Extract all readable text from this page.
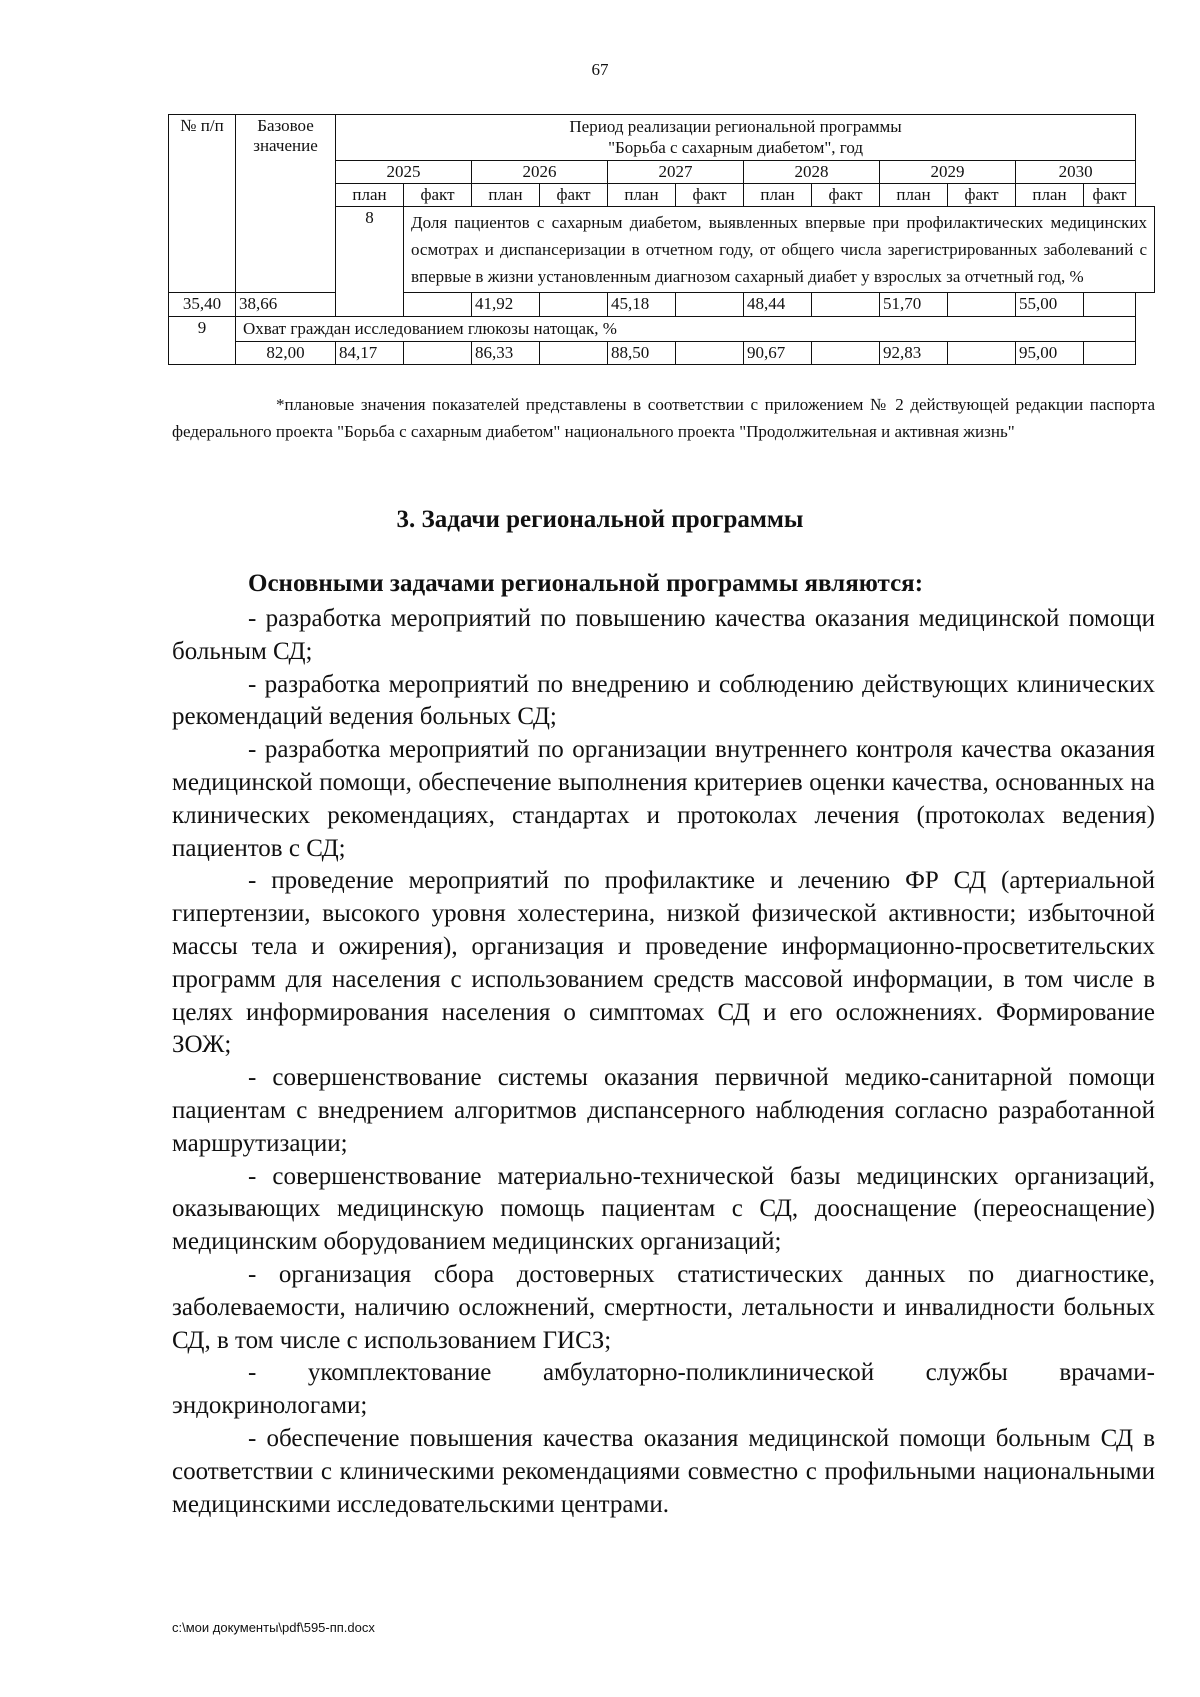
67
№ п/п	Базовое значение	Период реализации региональной программы
"Борьба с сахарным диабетом", год											

		2025		2026		2027		2028		2029		2030	
		план	факт	план	факт	план	факт	план	факт	план	факт	план	факт
		8	Доля пациентов с сахарным диабетом, выявленных впервые при профилактических медицинских осмотрах и диспансеризации в отчетном году, от общего числа зарегистрированных заболеваний с впервые в жизни установленным диагнозом сахарный диабет у взрослых за отчетный год, %										
35,40	38,66			41,92		45,18		48,44		51,70		55,00	
9	Охват граждан исследованием глюкозы натощак, %												
	82,00	84,17		86,33		88,50		90,67		92,83		95,00	
*плановые значения показателей представлены в соответствии с приложением № 2 действующей редакции паспорта федерального проекта "Борьба с сахарным диабетом" национального проекта "Продолжительная и активная жизнь"
3. Задачи региональной программы
Основными задачами региональной программы являются:

- разработка мероприятий по повышению качества оказания медицинской помощи больным СД;

- разработка мероприятий по внедрению и соблюдению действующих клинических рекомендаций ведения больных СД;

- разработка мероприятий по организации внутреннего контроля качества оказания медицинской помощи, обеспечение выполнения критериев оценки качества, основанных на клинических рекомендациях, стандартах и протоколах лечения (протоколах ведения) пациентов с СД;

- проведение мероприятий по профилактике и лечению ФР СД (артериальной гипертензии, высокого уровня холестерина, низкой физической активности; избыточной массы тела и ожирения), организация и проведение информационно-просветительских программ для населения с использованием средств массовой информации, в том числе в целях информирования населения о симптомах СД и его осложнениях. Формирование ЗОЖ;

- совершенствование системы оказания первичной медико-санитарной помощи пациентам с внедрением алгоритмов диспансерного наблюдения согласно разработанной маршрутизации;

- совершенствование материально-технической базы медицинских организаций, оказывающих медицинскую помощь пациентам с СД, дооснащение (переоснащение) медицинским оборудованием медицинских организаций;

- организация сбора достоверных статистических данных по диагностике, заболеваемости, наличию осложнений, смертности, летальности и инвалидности больных СД, в том числе с использованием ГИСЗ;

- укомплектование амбулаторно-поликлинической службы врачами-эндокринологами;

- обеспечение повышения качества оказания медицинской помощи больным СД в соответствии с клиническими рекомендациями совместно с профильными национальными медицинскими исследовательскими центрами.

c:\мои документы\pdf\595-пп.docx
